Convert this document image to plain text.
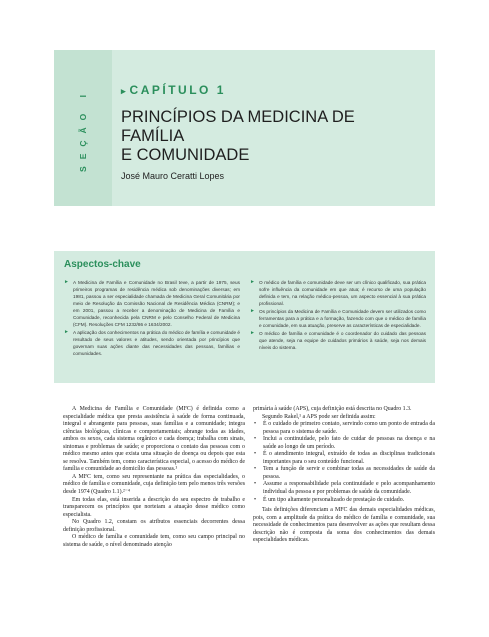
SEÇÃO I	▸ CAPÍTULO 1
PRINCÍPIOS DA MEDICINA DE FAMÍLIA
E COMUNIDADE
José Mauro Ceratti Lopes
Aspectos-chave
► A Medicina de Família e Comunidade no Brasil teve, a partir de 1975, seus primeiros programas de residência médica sob denominações diversas; em 1981, passou a ser especialidade chamada de Medicina Geral Comunitária por meio de Resolução da Comissão Nacional de Residência Médica (CNRM); e em 2001, passou a receber a denominação de Medicina de Família e Comunidade, reconhecida pela CNRM e pelo Conselho Federal de Medicina (CFM). Resoluções CFM 1232/86 e 1634/2002.
► A aplicação dos conhecimentos na prática do médico de família e comunidade é resultado de seus valores e atitudes, sendo orientada por princípios que governam suas ações diante das necessidades das pessoas, famílias e comunidades.
► O médico de família e comunidade deve ser um clínico qualificado, sua prática sofre influência da comunidade em que atua; é recurso de uma população definida e tem, na relação médico-pessoa, um aspecto essencial à sua prática profissional.
► Os princípios da Medicina de Família e Comunidade devem ser utilizados como ferramentas para a prática e a formação, fazendo com que o médico de família e comunidade, em sua atuação, preserve as características de especialidade.
► O médico de família e comunidade é o coordenador do cuidado das pessoas que atende, seja na equipe de cuidados primários à saúde, seja nos demais níveis do sistema.

A Medicina de Família e Comunidade (MFC) é definida como a especialidade médica que presta assistência à saúde de forma continuada, integral e abrangente para pessoas, suas famílias e a comunidade; integra ciências biológicas, clínicas e comportamentais; abrange todas as idades, ambos os sexos, cada sistema orgânico e cada doença; trabalha com sinais, sintomas e problemas de saúde; e proporciona o contato das pessoas com o médico mesmo antes que exista uma situação de doença ou depois que esta se resolva. Também tem, como característica especial, o acesso do médico de família e comunidade ao domicílio das pessoas.¹

A MFC tem, como seu representante na prática das especialidades, o médico de família e comunidade, cuja definição tem pelo menos três versões desde 1974 (Quadro 1.1).²⁻⁴

Em todas elas, está inserida a descrição do seu espectro de trabalho e transparecem os princípios que norteiam a atuação desse médico como especialista.

No Quadro 1.2, constam os atributos essenciais decorrentes dessa definição profissional.

O médico de família e comunidade tem, como seu campo principal no sistema de saúde, o nível denominado atenção

primária à saúde (APS), cuja definição está descrita no Quadro 1.3.

Segundo Rakel,¹ a APS pode ser definida assim:

• É o cuidado de primeiro contato, servindo como um ponto de entrada da pessoa para o sistema de saúde.
• Inclui a continuidade, pelo fato de cuidar de pessoas na doença e na saúde ao longo de um período.
• É o atendimento integral, extraído de todas as disciplinas tradicionais importantes para o seu conteúdo funcional.
• Tem a função de servir e combinar todas as necessidades de saúde da pessoa.
• Assume a responsabilidade pela continuidade e pelo acompanhamento individual da pessoa e por problemas de saúde da comunidade.
• É um tipo altamente personalizado de prestação de cuidado.

Tais definições diferenciam a MFC das demais especialidades médicas, pois, com a amplitude da prática do médico de família e comunidade, sua necessidade de conhecimentos para desenvolver as ações que resultam dessa descrição não é composta da soma dos conhecimentos das demais especialidades médicas.
